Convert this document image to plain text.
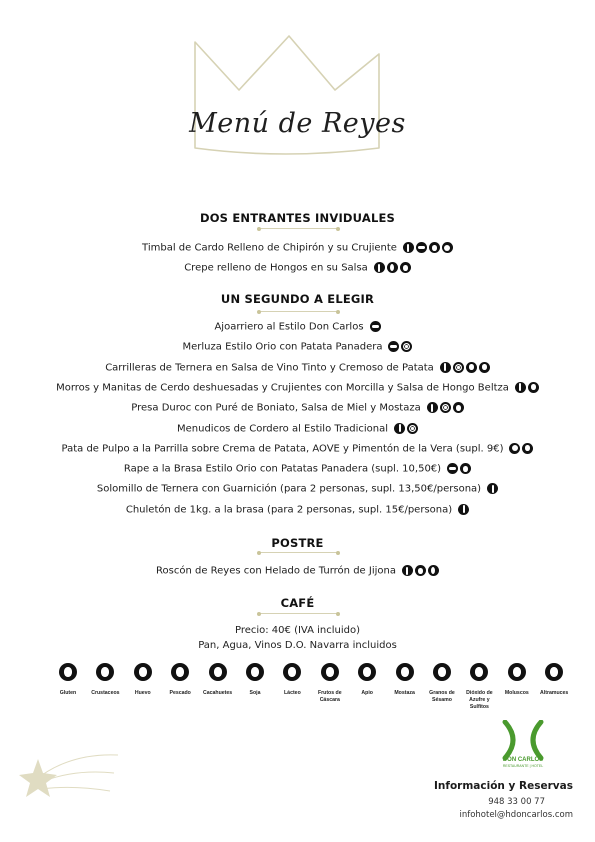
Menú de Reyes
DOS ENTRANTES INVIDUALES
Timbal de Cardo Relleno de Chipirón y su Crujiente
Crepe relleno de Hongos en su Salsa
UN SEGUNDO A ELEGIR
Ajoarriero al Estilo Don Carlos
Merluza Estilo Orio con Patata Panadera
Carrilleras de Ternera en Salsa de Vino Tinto y Cremoso de Patata
Morros y Manitas de Cerdo deshuesadas y Crujientes con Morcilla y Salsa de Hongo Beltza
Presa Duroc con Puré de Boniato, Salsa de Miel y Mostaza
Menudicos de Cordero al Estilo Tradicional
Pata de Pulpo a la Parrilla sobre Crema de Patata, AOVE y Pimentón de la Vera (supl. 9€)
Rape a la Brasa Estilo Orio con Patatas Panadera (supl. 10,50€)
Solomillo de Ternera con Guarnición (para 2 personas, supl. 13,50€/persona)
Chuletón de 1kg. a la brasa (para 2 personas, supl. 15€/persona)
POSTRE
Roscón de Reyes con Helado de Turrón de Jijona
CAFÉ
Precio: 40€ (IVA incluido)
Pan, Agua, Vinos D.O. Navarra incluidos
Gluten	Crustaceos	Huevo	Pescado	Cacahuetes	Soja	Lácteo	Frutos de Cáscara
Apio	Mostaza	Granos de Sésamo
Dióxido de Azufre y Sulfitos
Moluscos	Altramuces
DON CARLOS
RESTAURANTE | HOTEL
Información y Reservas
948 33 00 77
infohotel@hdoncarlos.com
